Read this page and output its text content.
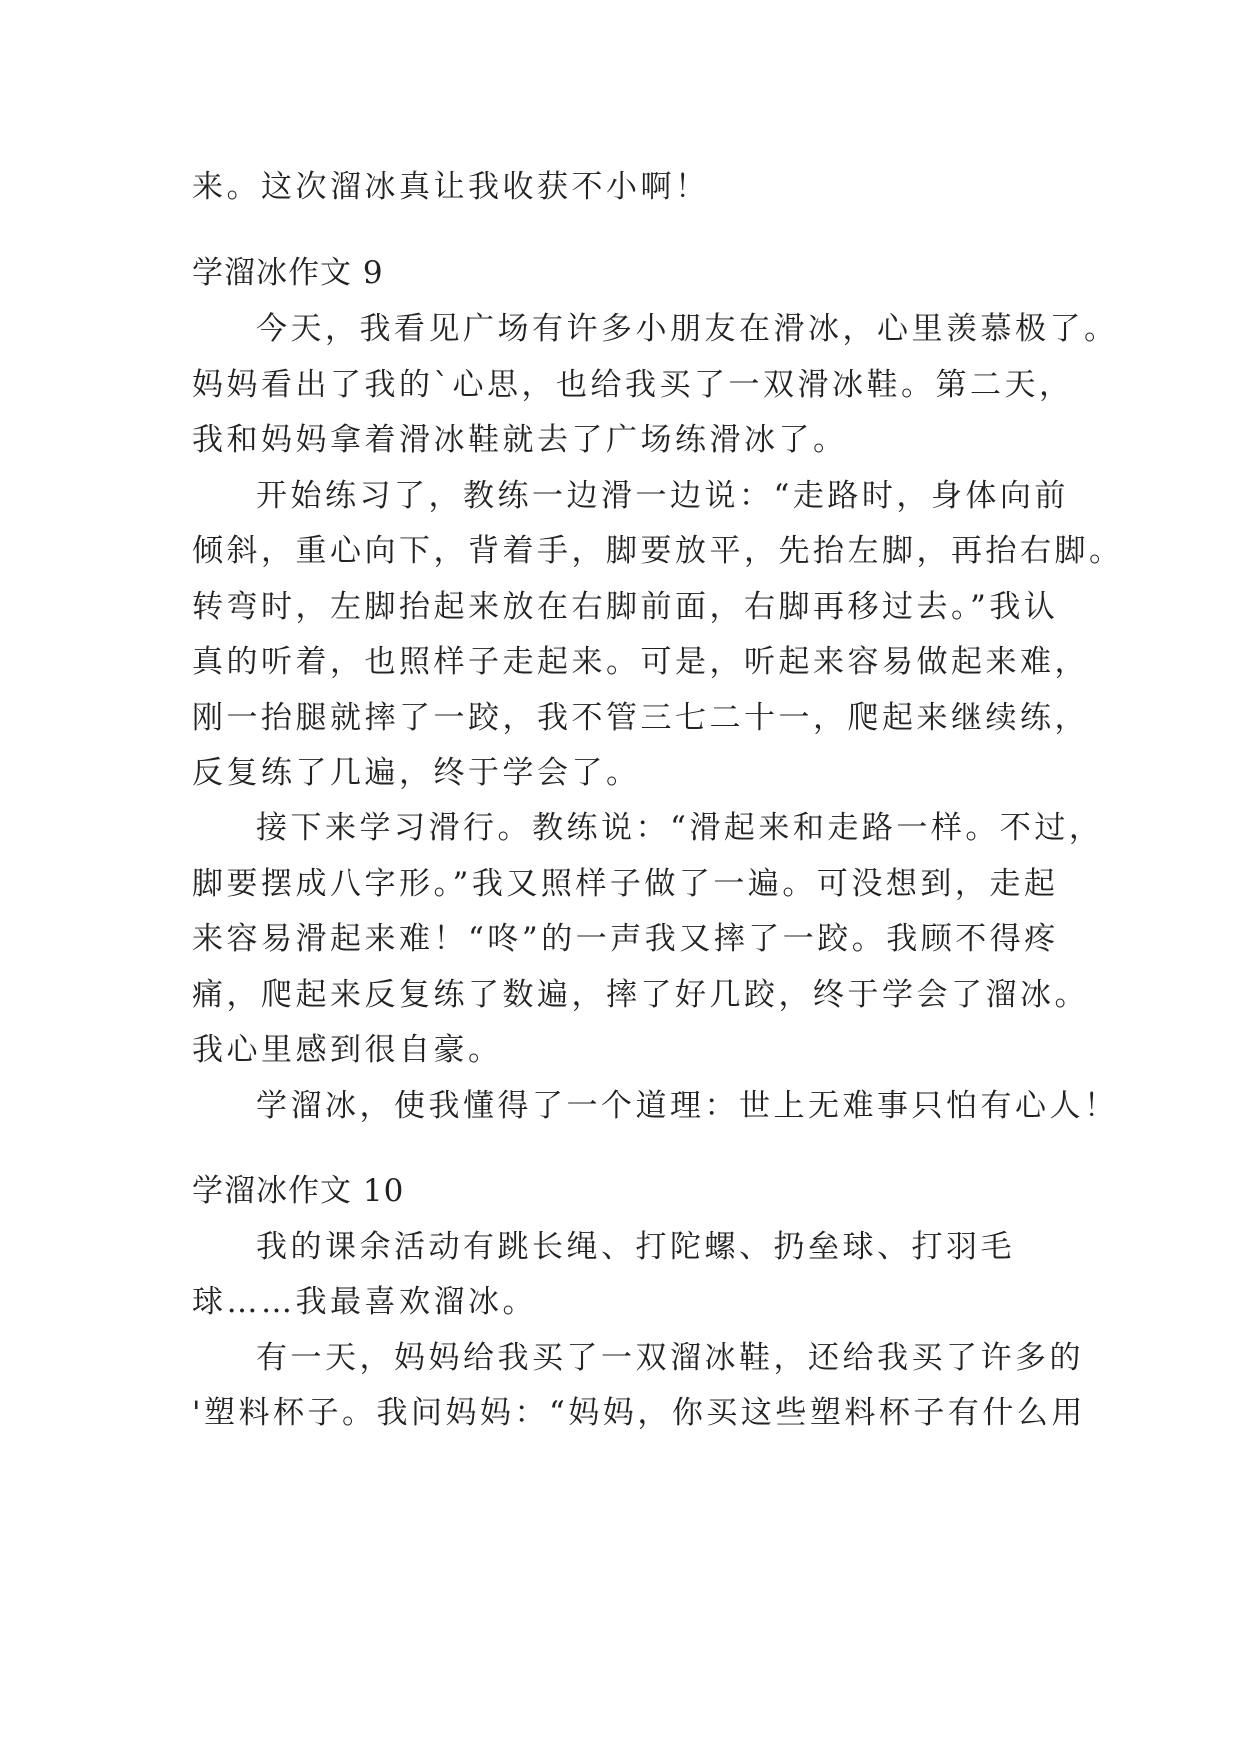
来。这次溜冰真让我收获不小啊！
学溜冰作文 9
今天，我看见广场有许多小朋友在滑冰，心里羡慕极了。
妈妈看出了我的`心思，也给我买了一双滑冰鞋。第二天，
我和妈妈拿着滑冰鞋就去了广场练滑冰了。
开始练习了，教练一边滑一边说：“走路时，身体向前
倾斜，重心向下，背着手，脚要放平，先抬左脚，再抬右脚。
转弯时，左脚抬起来放在右脚前面，右脚再移过去。”我认
真的听着，也照样子走起来。可是，听起来容易做起来难，
刚一抬腿就摔了一跤，我不管三七二十一，爬起来继续练，
反复练了几遍，终于学会了。
接下来学习滑行。教练说：“滑起来和走路一样。不过，
脚要摆成八字形。”我又照样子做了一遍。可没想到，走起
来容易滑起来难！“咚”的一声我又摔了一跤。我顾不得疼
痛，爬起来反复练了数遍，摔了好几跤，终于学会了溜冰。
我心里感到很自豪。
学溜冰，使我懂得了一个道理：世上无难事只怕有心人！
学溜冰作文 10
我的课余活动有跳长绳、打陀螺、扔垒球、打羽毛
球……我最喜欢溜冰。
有一天，妈妈给我买了一双溜冰鞋，还给我买了许多的
'塑料杯子。我问妈妈：“妈妈，你买这些塑料杯子有什么用
